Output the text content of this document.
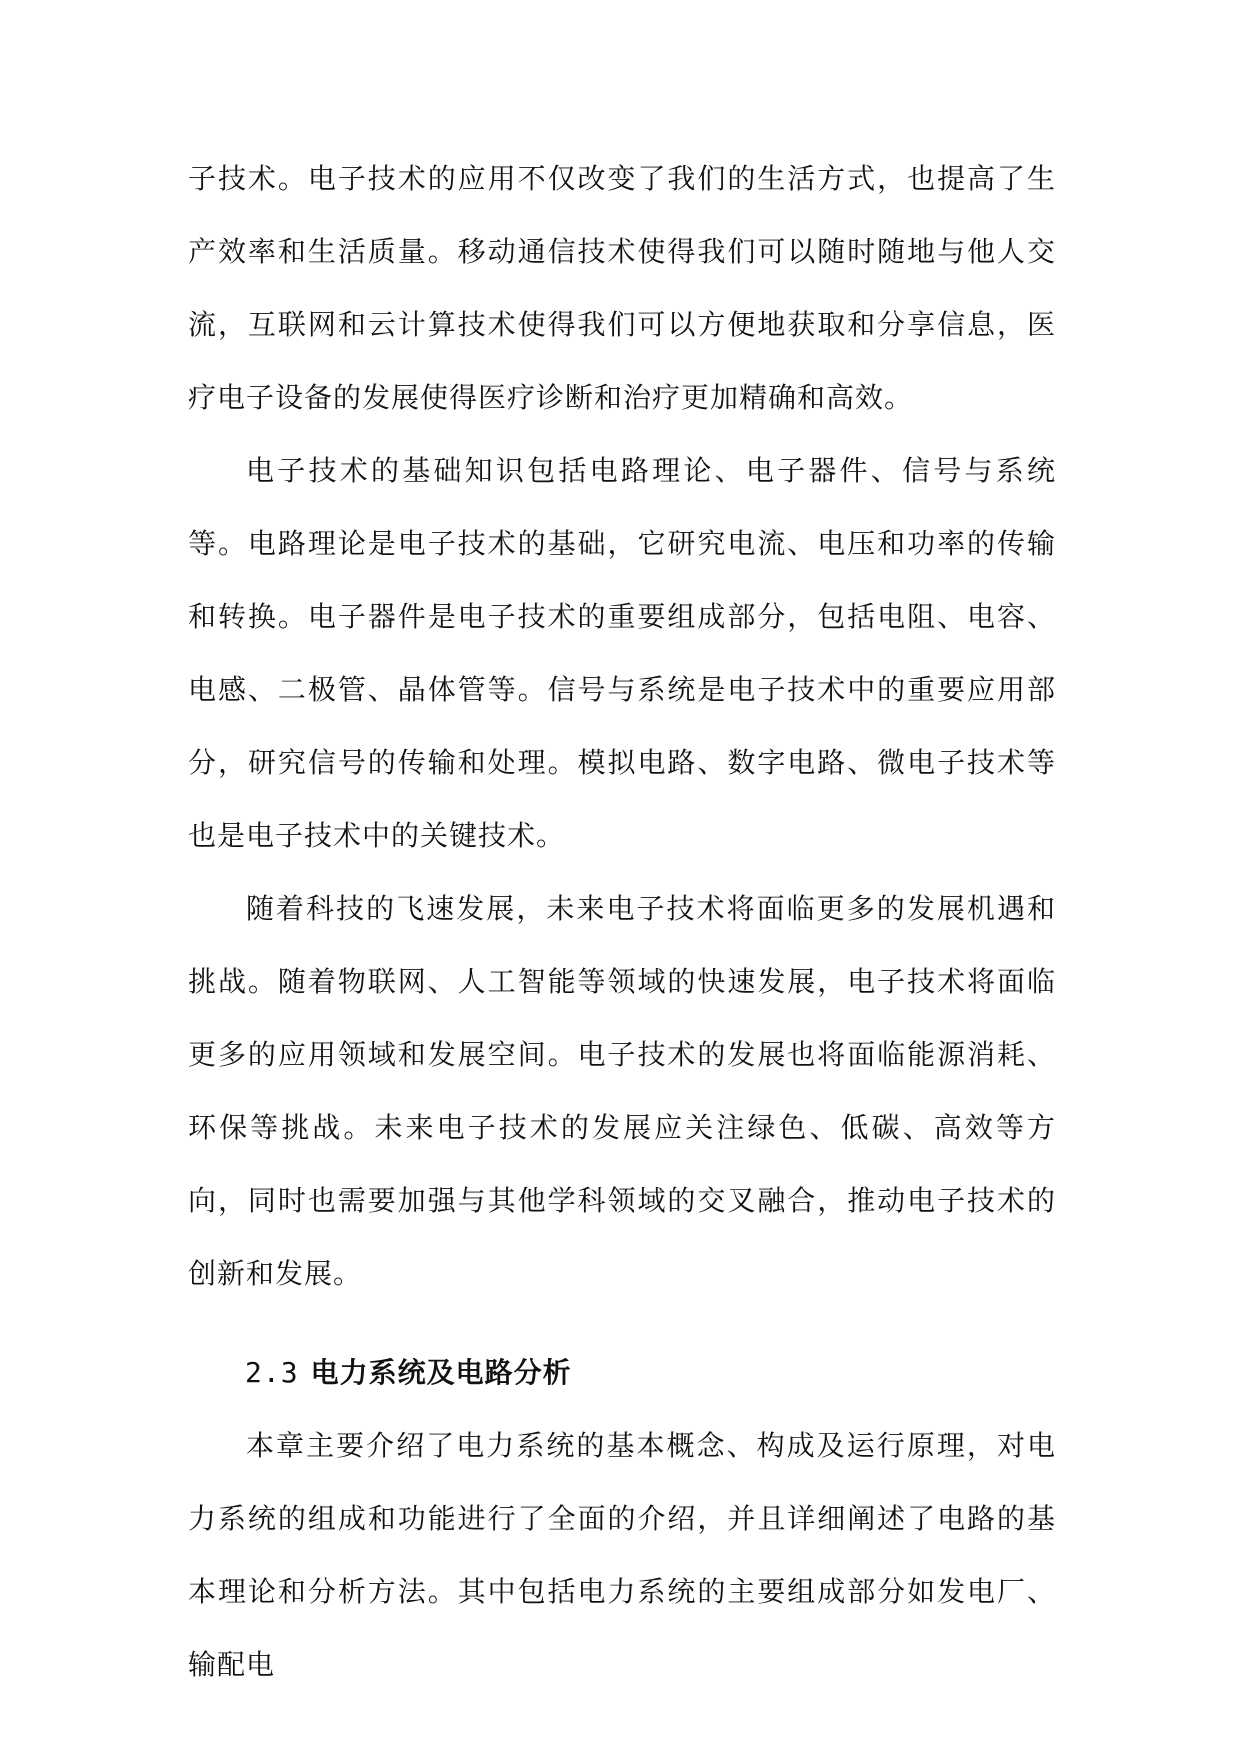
子技术。电子技术的应用不仅改变了我们的生活方式，也提高了生产效率和生活质量。移动通信技术使得我们可以随时随地与他人交流，互联网和云计算技术使得我们可以方便地获取和分享信息，医疗电子设备的发展使得医疗诊断和治疗更加精确和高效。

电子技术的基础知识包括电路理论、电子器件、信号与系统等。电路理论是电子技术的基础，它研究电流、电压和功率的传输和转换。电子器件是电子技术的重要组成部分，包括电阻、电容、电感、二极管、晶体管等。信号与系统是电子技术中的重要应用部分，研究信号的传输和处理。模拟电路、数字电路、微电子技术等也是电子技术中的关键技术。

随着科技的飞速发展，未来电子技术将面临更多的发展机遇和挑战。随着物联网、人工智能等领域的快速发展，电子技术将面临更多的应用领域和发展空间。电子技术的发展也将面临能源消耗、环保等挑战。未来电子技术的发展应关注绿色、低碳、高效等方向，同时也需要加强与其他学科领域的交叉融合，推动电子技术的创新和发展。

2.3 电力系统及电路分析

本章主要介绍了电力系统的基本概念、构成及运行原理，对电力系统的组成和功能进行了全面的介绍，并且详细阐述了电路的基本理论和分析方法。其中包括电力系统的主要组成部分如发电厂、输配电
